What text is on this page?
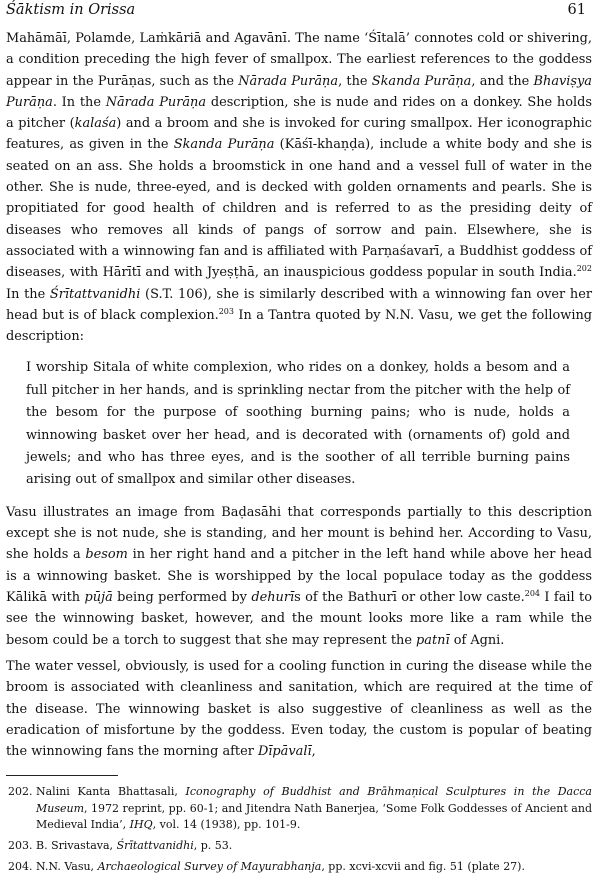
Śāktism in Orissa	61

Mahāmāī, Polamde, Laṁkāriā and Agavānī. The name ‘Śītalā’ connotes cold or shivering, a condition preceding the high fever of smallpox. The earliest references to the goddess appear in the Purāṇas, such as the Nārada Purāṇa, the Skanda Purāṇa, and the Bhaviṣya Purāṇa. In the Nārada Purāṇa description, she is nude and rides on a donkey. She holds a pitcher (kalaśa) and a broom and she is invoked for curing smallpox. Her iconographic features, as given in the Skanda Purāṇa (Kāśī-khaṇḍa), include a white body and she is seated on an ass. She holds a broomstick in one hand and a vessel full of water in the other. She is nude, three-eyed, and is decked with golden ornaments and pearls. She is propitiated for good health of children and is referred to as the presiding deity of diseases who removes all kinds of pangs of sorrow and pain. Elsewhere, she is associated with a winnowing fan and is affiliated with Parṇaśavarī, a Buddhist goddess of diseases, with Hārītī and with Jyeṣṭhā, an inauspicious goddess popular in south India.$^{202}$ In the Śrītattvanidhi (S.T. 106), she is similarly described with a winnowing fan over her head but is of black complexion.$^{203}$ In a Tantra quoted by N.N. Vasu, we get the following description:

I worship Sitala of white complexion, who rides on a donkey, holds a besom and a full pitcher in her hands, and is sprinkling nectar from the pitcher with the help of the besom for the purpose of soothing burning pains; who is nude, holds a winnowing basket over her head, and is decorated with (ornaments of) gold and jewels; and who has three eyes, and is the soother of all terrible burning pains arising out of smallpox and similar other diseases.

Vasu illustrates an image from Baḍasāhi that corresponds partially to this description except she is not nude, she is standing, and her mount is behind her. According to Vasu, she holds a besom in her right hand and a pitcher in the left hand while above her head is a winnowing basket. She is worshipped by the local populace today as the goddess Kālikā with pūjā being performed by dehurīs of the Bathurī or other low caste.$^{204}$ I fail to see the winnowing basket, however, and the mount looks more like a ram while the besom could be a torch to suggest that she may represent the patnī of Agni.

The water vessel, obviously, is used for a cooling function in curing the disease while the broom is associated with cleanliness and sanitation, which are required at the time of the disease. The winnowing basket is also suggestive of cleanliness as well as the eradication of misfortune by the goddess. Even today, the custom is popular of beating the winnowing fans the morning after Dīpāvalī,

202. Nalini Kanta Bhattasali, Iconography of Buddhist and Brāhmaṇical Sculptures in the Dacca Museum, 1972 reprint, pp. 60-1; and Jitendra Nath Banerjea, ‘Some Folk Goddesses of Ancient and Medieval India’, IHQ, vol. 14 (1938), pp. 101-9.
203. B. Srivastava, Śrītattvanidhi, p. 53.
204. N.N. Vasu, Archaeological Survey of Mayurabhanja, pp. xcvi-xcvii and fig. 51 (plate 27).
